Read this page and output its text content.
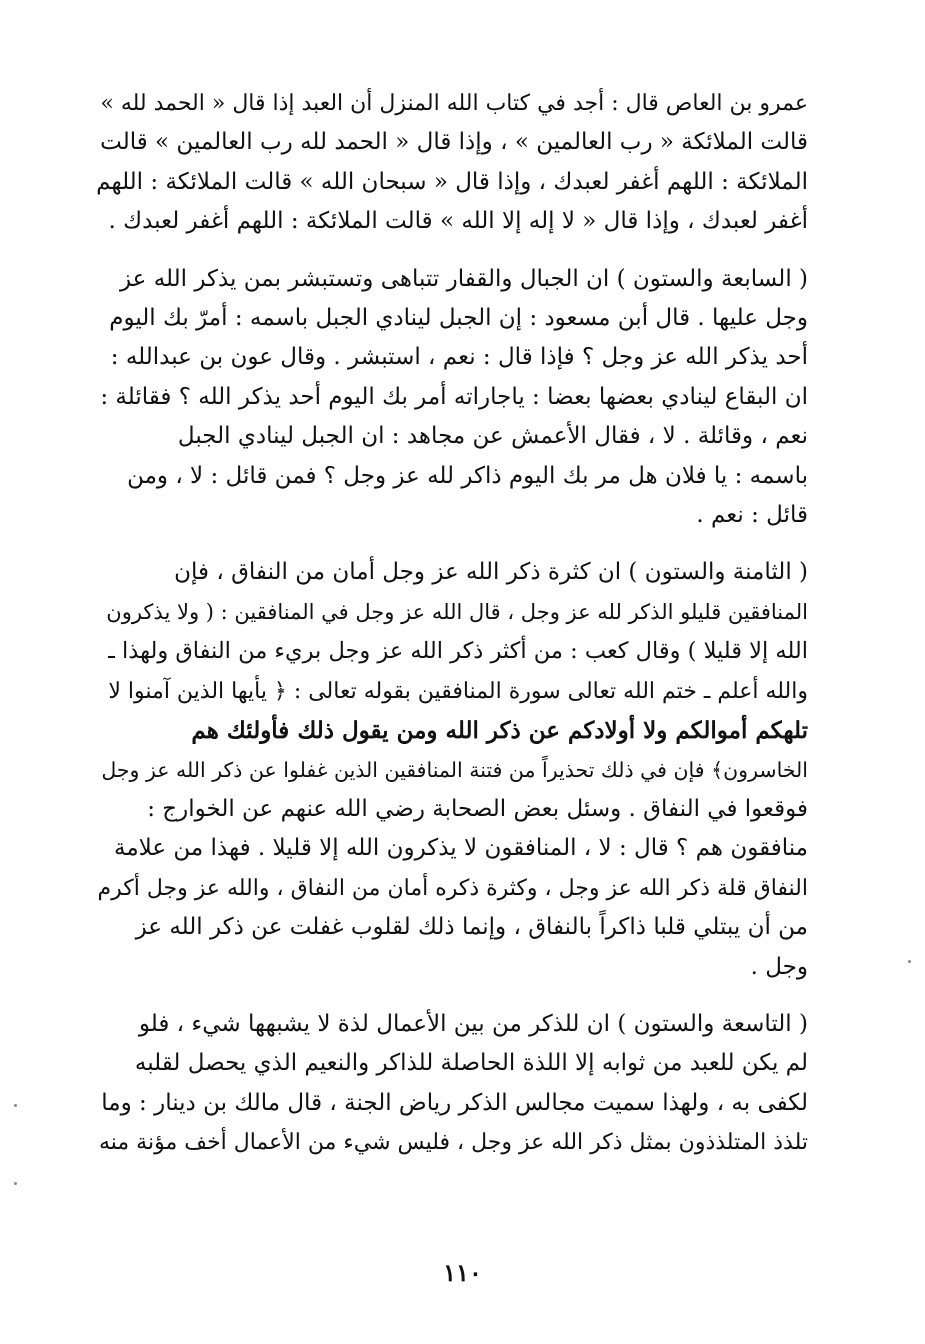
عمرو بن العاص قال : أجد في كتاب الله المنزل أن العبد إذا قال « الحمد لله »
قالت الملائكة « رب العالمين » ، وإذا قال « الحمد لله رب العالمين » قالت
الملائكة : اللهم أغفر لعبدك ، وإذا قال « سبحان الله » قالت الملائكة : اللهم
أغفر لعبدك ، وإذا قال « لا إله إلا الله » قالت الملائكة : اللهم أغفر لعبدك .

( السابعة والستون ) ان الجبال والقفار تتباهى وتستبشر بمن يذكر الله عز
وجل عليها . قال أبن مسعود : إن الجبل لينادي الجبل باسمه : أمرّ بك اليوم
أحد يذكر الله عز وجل ؟ فإذا قال : نعم ، استبشر . وقال عون بن عبدالله :
ان البقاع لينادي بعضها بعضا : ياجاراته أمر بك اليوم أحد يذكر الله ؟ فقائلة :
نعم ، وقائلة . لا ، فقال الأعمش عن مجاهد : ان الجبل لينادي الجبل
باسمه : يا فلان هل مر بك اليوم ذاكر لله عز وجل ؟ فمن قائل : لا ، ومن
قائل : نعم .

( الثامنة والستون ) ان كثرة ذكر الله عز وجل أمان من النفاق ، فإن
المنافقين قليلو الذكر لله عز وجل ، قال الله عز وجل في المنافقين : ( ولا يذكرون
الله إلا قليلا ) وقال كعب : من أكثر ذكر الله عز وجل بريء من النفاق ولهذا ـ
والله أعلم ـ ختم الله تعالى سورة المنافقين بقوله تعالى : ﴿ يأيها الذين آمنوا لا
تلهكم أموالكم ولا أولادكم عن ذكر الله ومن يقول ذلك فأولئك هم
الخاسرون﴾ فإن في ذلك تحذيراً من فتنة المنافقين الذين غفلوا عن ذكر الله عز وجل
فوقعوا في النفاق . وسئل بعض الصحابة رضي الله عنهم عن الخوارج :
منافقون هم ؟ قال : لا ، المنافقون لا يذكرون الله إلا قليلا . فهذا من علامة
النفاق قلة ذكر الله عز وجل ، وكثرة ذكره أمان من النفاق ، والله عز وجل أكرم
من أن يبتلي قلبا ذاكراً بالنفاق ، وإنما ذلك لقلوب غفلت عن ذكر الله عز
وجل .

( التاسعة والستون ) ان للذكر من بين الأعمال لذة لا يشبهها شيء ، فلو
لم يكن للعبد من ثوابه إلا اللذة الحاصلة للذاكر والنعيم الذي يحصل لقلبه
لكفى به ، ولهذا سميت مجالس الذكر رياض الجنة ، قال مالك بن دينار : وما
تلذذ المتلذذون بمثل ذكر الله عز وجل ، فليس شيء من الأعمال أخف مؤنة منه

١١٠
